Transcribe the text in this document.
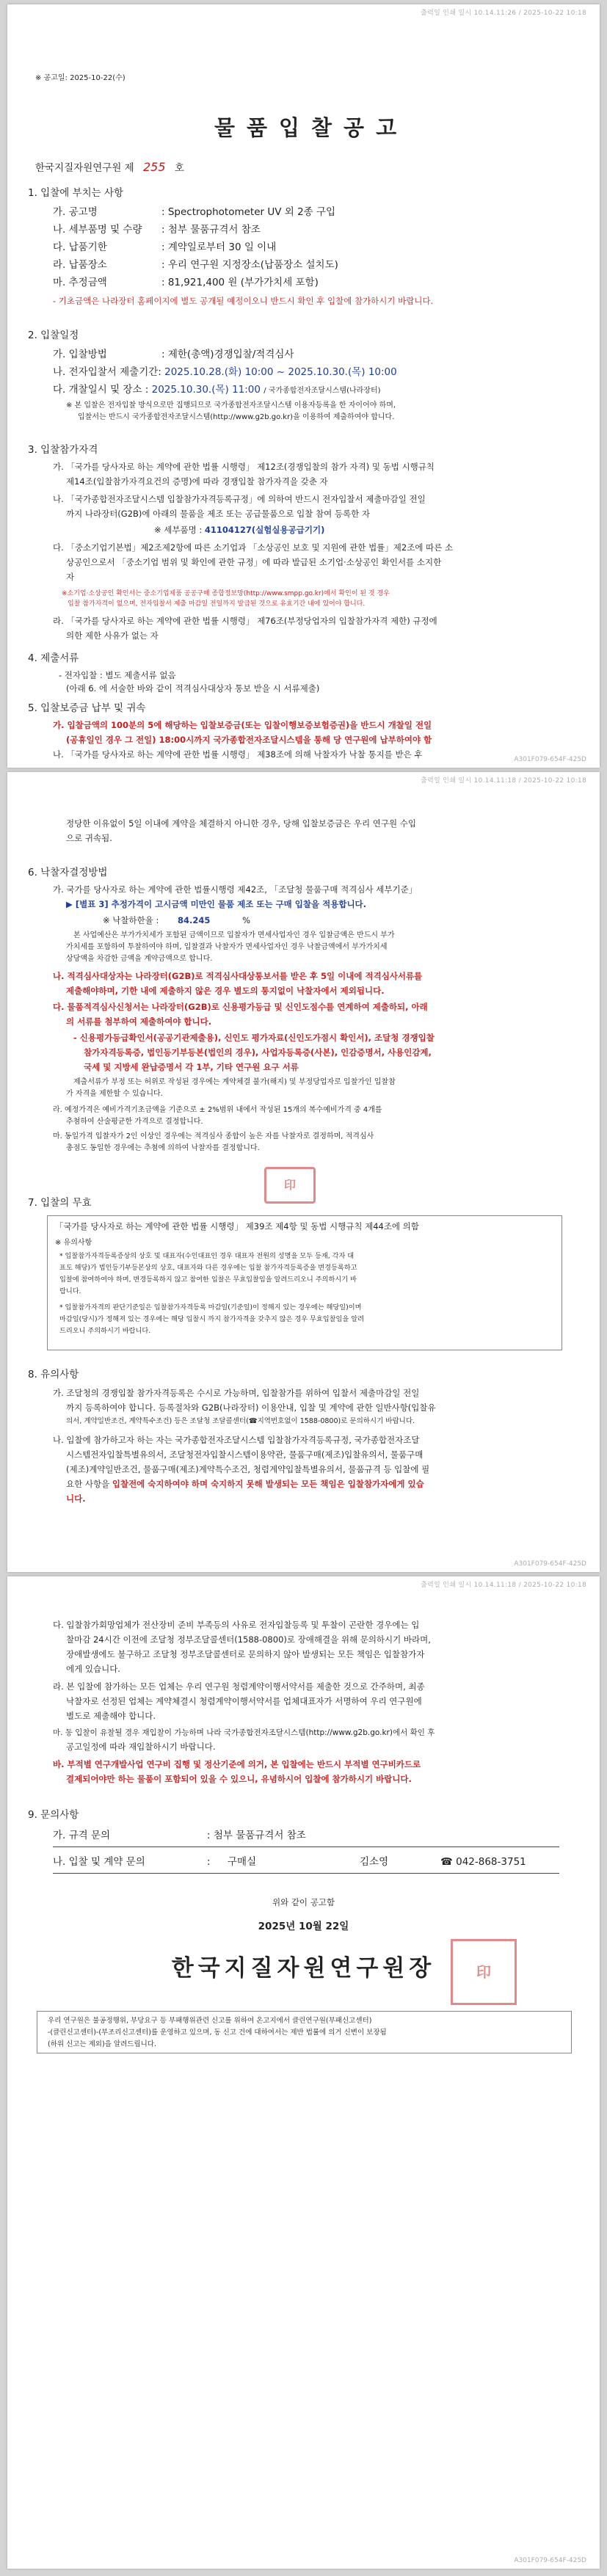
출력일 인쇄 일시 10.14.11:26 / 2025-10-22 10:18
※ 공고일: 2025-10-22(수)
물품입찰공고
한국지질자원연구원 제 255 호
1. 입찰에 부치는 사항
가. 공고명	: Spectrophotometer UV 외 2종 구입
나. 세부품명 및 수량 : 첨부 물품규격서 참조
다. 납품기한	: 계약일로부터 30 일 이내
라. 납품장소	: 우리 연구원 지정장소(납품장소 설치도)
마. 추정금액	: 81,921,400 원 (부가가치세 포함)
- 기초금액은 나라장터 홈페이지에 별도 공개될 예정이오니 반드시 확인 후 입찰에 참가하시기 바랍니다.
2. 입찰일정
가. 입찰방법	: 제한(총액)경쟁입찰/적격심사
나. 전자입찰서 제출기간: 2025.10.28.(화) 10:00 ~ 2025.10.30.(목) 10:00
다. 개찰일시 및 장소 : 2025.10.30.(목) 11:00 / 국가종합전자조달시스템(나라장터)
※ 본 입찰은 전자입찰 방식으로만 집행되므로 국가종합전자조달시스템 이용자등록을 한 자이어야 하며,
입찰서는 반드시 국가종합전자조달시스템(http://www.g2b.go.kr)을 이용하여 제출하여야 합니다.
3. 입찰참가자격
가. 「국가를 당사자로 하는 계약에 관한 법률 시행령」 제12조(경쟁입찰의 참가 자격) 및 동법 시행규칙
제14조(입찰참가자격요건의 증명)에 따라 경쟁입찰 참가자격을 갖춘 자
나. 「국가종합전자조달시스템 입찰참가자격등록규정」에 의하여 반드시 전자입찰서 제출마감일 전일
까지 나라장터(G2B)에 아래의 물품을 제조 또는 공급물품으로 입찰 참여 등록한 자
※ 세부품명 : 41104127(실험실용공급기기)
다. 「중소기업기본법」제2조제2항에 따른 소기업과 「소상공인 보호 및 지원에 관한 법률」제2조에 따른 소
상공인으로서 「중소기업 범위 및 확인에 관한 규정」에 따라 발급된 소기업·소상공인 확인서를 소지한
자
※소기업·소상공인 확인서는 중소기업제품 공공구매 종합정보망(http://www.smpp.go.kr)에서 확인이 된 것 경우
입찰 참가자격이 없으며, 전자입찰서 제출 마감일 전일까지 발급된 것으로 유효기간 내에 있어야 합니다.
라. 「국가를 당사자로 하는 계약에 관한 법률 시행령」 제76조(부정당업자의 입찰참가자격 제한) 규정에
의한 제한 사유가 없는 자
4. 제출서류
- 전자입찰 : 별도 제출서류 없음
(아래 6. 에 서술한 바와 같이 적격심사대상자 통보 받을 시 서류제출)
5. 입찰보증금 납부 및 귀속
가. 입찰금액의 100분의 5에 해당하는 입찰보증금(또는 입찰이행보증보험증권)을 반드시 개찰일 전일
(공휴일인 경우 그 전일) 18:00시까지 국가종합전자조달시스템을 통해 당 연구원에 납부하여야 함
나. 「국가를 당사자로 하는 계약에 관한 법률 시행령」 제38조에 의해 낙찰자가 낙찰 통지를 받은 후	A301F079-654F-425D
출력일 인쇄 일시 10.14.11:18 / 2025-10-22 10:18
정당한 이유없이 5일 이내에 계약을 체결하지 아니한 경우, 당해 입찰보증금은 우리 연구원 수입
으로 귀속됨.
6. 낙찰자결정방법
가. 국가를 당사자로 하는 계약에 관한 법률시행령 제42조, 「조달청 물품구매 적격심사 세부기준」
▶ [별표 3] 추정가격이 고시금액 미만인 물품 제조 또는 구매 입찰을 적용합니다.
※ 낙찰하한율 : 84.245	%
본 사업예산은 부가가치세가 포함된 금액이므로 입찰자가 면세사업자인 경우 입찰금액은 반드시 부가
가치세를 포함하여 투찰하여야 하며, 입찰결과 낙찰자가 면세사업자인 경우 낙찰금액에서 부가가치세
상당액을 차감한 금액을 계약금액으로 합니다.
나. 적격심사대상자는 나라장터(G2B)로 적격심사대상통보서를 받은 후 5일 이내에 적격심사서류를
제출해야하며, 기한 내에 제출하지 않은 경우 별도의 통지없이 낙찰자에서 제외됩니다.
다. 물품적격심사신청서는 나라장터(G2B)로 신용평가등급 및 신인도점수를 연계하여 제출하되, 아래
의 서류를 첨부하여 제출하여야 합니다.
- 신용평가등급확인서(공공기관제출용), 신인도 평가자료(신인도가점시 확인서), 조달청 경쟁입찰
참가자격등록증, 법인등기부등본(법인의 경우), 사업자등록증(사본), 인감증명서, 사용인감계,
국세 및 지방세 완납증명서 각 1부, 기타 연구원 요구 서류
제출서류가 부정 또는 허위로 작성된 경우에는 계약체결 불가(해지) 및 부정당업자로 입찰가인 입찰참
가 자격을 제한할 수 있습니다.
라. 예정가격은 예비가격기초금액을 기준으로 ± 2%범위 내에서 작성된 15개의 복수예비가격 중 4개를
추첨하여 산술평균한 가격으로 결정합니다.
마. 동일가격 입찰자가 2인 이상인 경우에는 적격심사 종합이 높은 자를 낙찰자로 결정하며, 적격심사
총점도 동일한 경우에는 추첨에 의하여 낙찰자를 결정합니다.
印
7. 입찰의 무효
「국가를 당사자로 하는 계약에 관한 법률 시행령」 제39조 제4항 및 동법 시행규칙 제44조에 의함
※ 유의사항
* 입찰참가자격등록증상의 상호 및 대표자(수인대표인 경우 대표자 전원의 성명을 모두 등재, 각자 대
표도 해당)가 법인등기부등본상의 상호, 대표자와 다른 경우에는 입찰 참가자격등록증을 변경등록하고
입찰에 참여하여야 하며, 변경등록하지 않고 참여한 입찰은 무효입찰임을 알려드리오니 주의하시기 바
랍니다.
* 입찰참가자격의 판단기준일은 입찰참가자격등록 마감일(기준일)이 정해지 있는 경우에는 해당일)이며
마감일(당시)가 정해져 있는 경우에는 해당 입찰시 까지 참가자격을 갖추지 않은 경우 무효입찰임을 알려
드리오니 주의하시기 바랍니다.
8. 유의사항
가. 조달청의 경쟁입찰 참가자격등록은 수시로 가능하며, 입찰참가를 위하여 입찰서 제출마감일 전일
까지 등록하여야 합니다. 등록절차와 G2B(나라장터) 이용안내, 입찰 및 계약에 관한 일반사항(입찰유
의서, 계약일반조건, 계약특수조건) 등은 조달청 조달콜센터(☎지역번호없이 1588-0800)로 문의하시기 바랍니다.
나. 입찰에 참가하고자 하는 자는 국가종합전자조달시스템 입찰참가자격등록규정, 국가종합전자조달
시스템전자입찰특별유의서, 조달청전자입찰시스템이용약관, 물품구매(제조)입찰유의서, 물품구매
(제조)계약일반조건, 물품구매(제조)계약특수조건, 청렴계약입찰특별유의서, 물품규격 등 입찰에 필
요한 사항을 입찰전에 숙지하여야 하며 숙지하지 못해 발생되는 모든 책임은 입찰참가자에게 있습
니다.
A301F079-654F-425D
출력일 인쇄 일시 10.14.11:18 / 2025-10-22 10:18
다. 입찰참가회망업체가 전산장비 준비 부족등의 사유로 전자입찰등록 및 투찰이 곤란한 경우에는 입
찰마감 24시간 이전에 조달청 정부조달콜센터(1588-0800)로 장애해결을 위해 문의하시기 바라며,
장애발생에도 불구하고 조달청 정부조달콜센터로 문의하지 않아 발생되는 모든 책임은 입찰참가자
에게 있습니다.
라. 본 입찰에 참가하는 모든 업체는 우리 연구원 청렴계약이행서약서를 제출한 것으로 간주하며, 최종
낙찰자로 선정된 업체는 계약체결시 청렴계약이행서약서를 업체대표자가 서명하여 우리 연구원에
별도로 제출해야 합니다.
마. 동 입찰이 유찰될 경우 재입찰이 가능하며 나라 국가종합전자조달시스템(http://www.g2b.go.kr)에서 확인 후
공고일정에 따라 재입찰하시기 바랍니다.
바. 부적별 연구개발사업 연구비 집행 및 정산기준에 의거, 본 입찰에는 반드시 부적별 연구비카드로
결제되어야만 하는 물품이 포함되어 있을 수 있으니, 유념하시어 입찰에 참가하시기 바랍니다.
9. 문의사항
가. 규격 문의	: 첨부 물품규격서 참조
나. 입찰 및 계약 문의	: 구매실	김소영	☎ 042-868-3751
위와 같이 공고함
2025년 10월 22일
한국지질자원연구원장	印
우리 연구원은 불공정행위, 부당요구 등 부패행위관련 신고를 위하여 온고지에서 클린연구원(부패신고센터)
-(클린신고센터)-(부조리신고센터)를 운영하고 있으며, 동 신고 건에 대하여서는 제반 법률에 의거 신변이 보장됨
(하위 신고는 제외)을 알려드립니다.
A301F079-654F-425D
